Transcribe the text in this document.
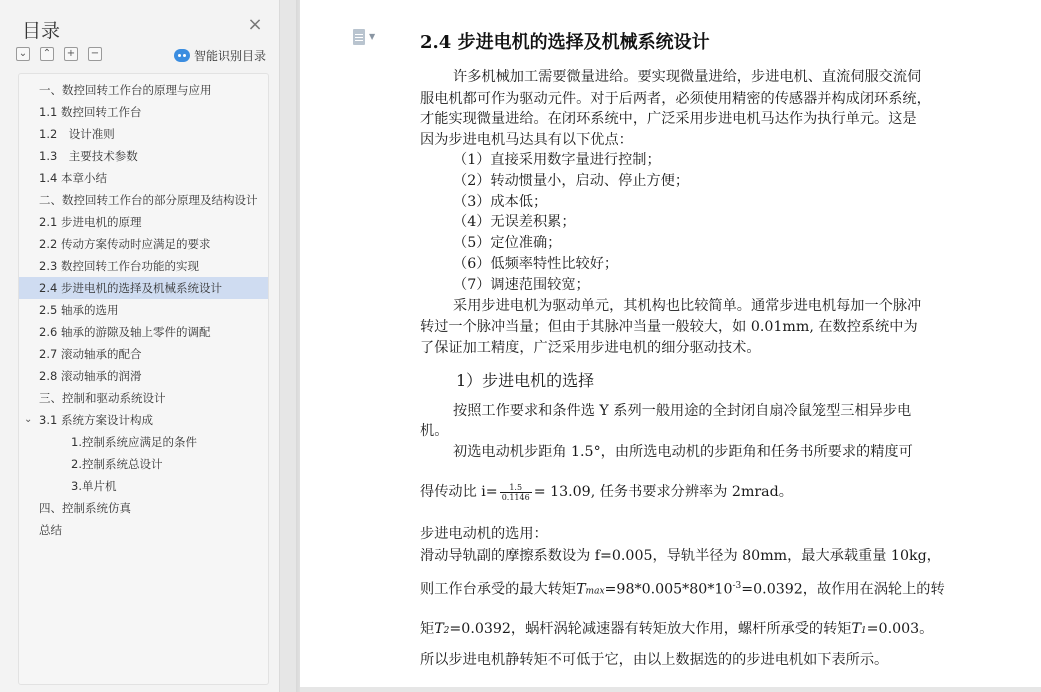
目录	×
⌄ ⌃ + −	智能识别目录
一、数控回转工作台的原理与应用
1.1 数控回转工作台
1.2　设计准则
1.3　主要技术参数
1.4 本章小结
二、数控回转工作台的部分原理及结构设计
2.1 步进电机的原理
2.2 传动方案传动时应满足的要求
2.3 数控回转工作台功能的实现
2.4 步进电机的选择及机械系统设计
2.5 轴承的选用
2.6 轴承的游隙及轴上零件的调配
2.7 滚动轴承的配合
2.8 滚动轴承的润滑
三、控制和驱动系统设计
⌄ 3.1 系统方案设计构成
1.控制系统应满足的条件
2.控制系统总设计
3.单片机
四、控制系统仿真
总结
▼ 2.4 步进电机的选择及机械系统设计
许多机械加工需要微量进给。要实现微量进给，步进电机、直流伺服交流伺
服电机都可作为驱动元件。对于后两者，必须使用精密的传感器并构成闭环系统，
才能实现微量进给。在闭环系统中，广泛采用步进电机马达作为执行单元。这是
因为步进电机马达具有以下优点：
（1）直接采用数字量进行控制；
（2）转动惯量小，启动、停止方便；
（3）成本低；
（4）无误差积累；
（5）定位准确；
（6）低频率特性比较好；
（7）调速范围较宽；
采用步进电机为驱动单元，其机构也比较简单。通常步进电机每加一个脉冲
转过一个脉冲当量；但由于其脉冲当量一般较大，如 0.01mm, 在数控系统中为
了保证加工精度，广泛采用步进电机的细分驱动技术。
1）步进电机的选择
按照工作要求和条件选 Y 系列一般用途的全封闭自扇冷鼠笼型三相异步电
机。
初选电动机步距角 1.5°，由所选电动机的步距角和任务书所要求的精度可
得传动比 $i= \frac{1.5}{0.1146} = 13.09$, 任务书要求分辨率为 2mrad。
步进电动机的选用：
滑动导轨副的摩擦系数设为 f=0.005，导轨半径为 80mm，最大承载重量 10kg，
则工作台承受的最大转矩$Tmax=98*0.005*80*10^{-3}=0.0392$，故作用在涡轮上的转
矩T2=0.0392，蜗杆涡轮减速器有转矩放大作用，螺杆所承受的转矩T1=0.003。
所以步进电机静转矩不可低于它，由以上数据选的的步进电机如下表所示。
